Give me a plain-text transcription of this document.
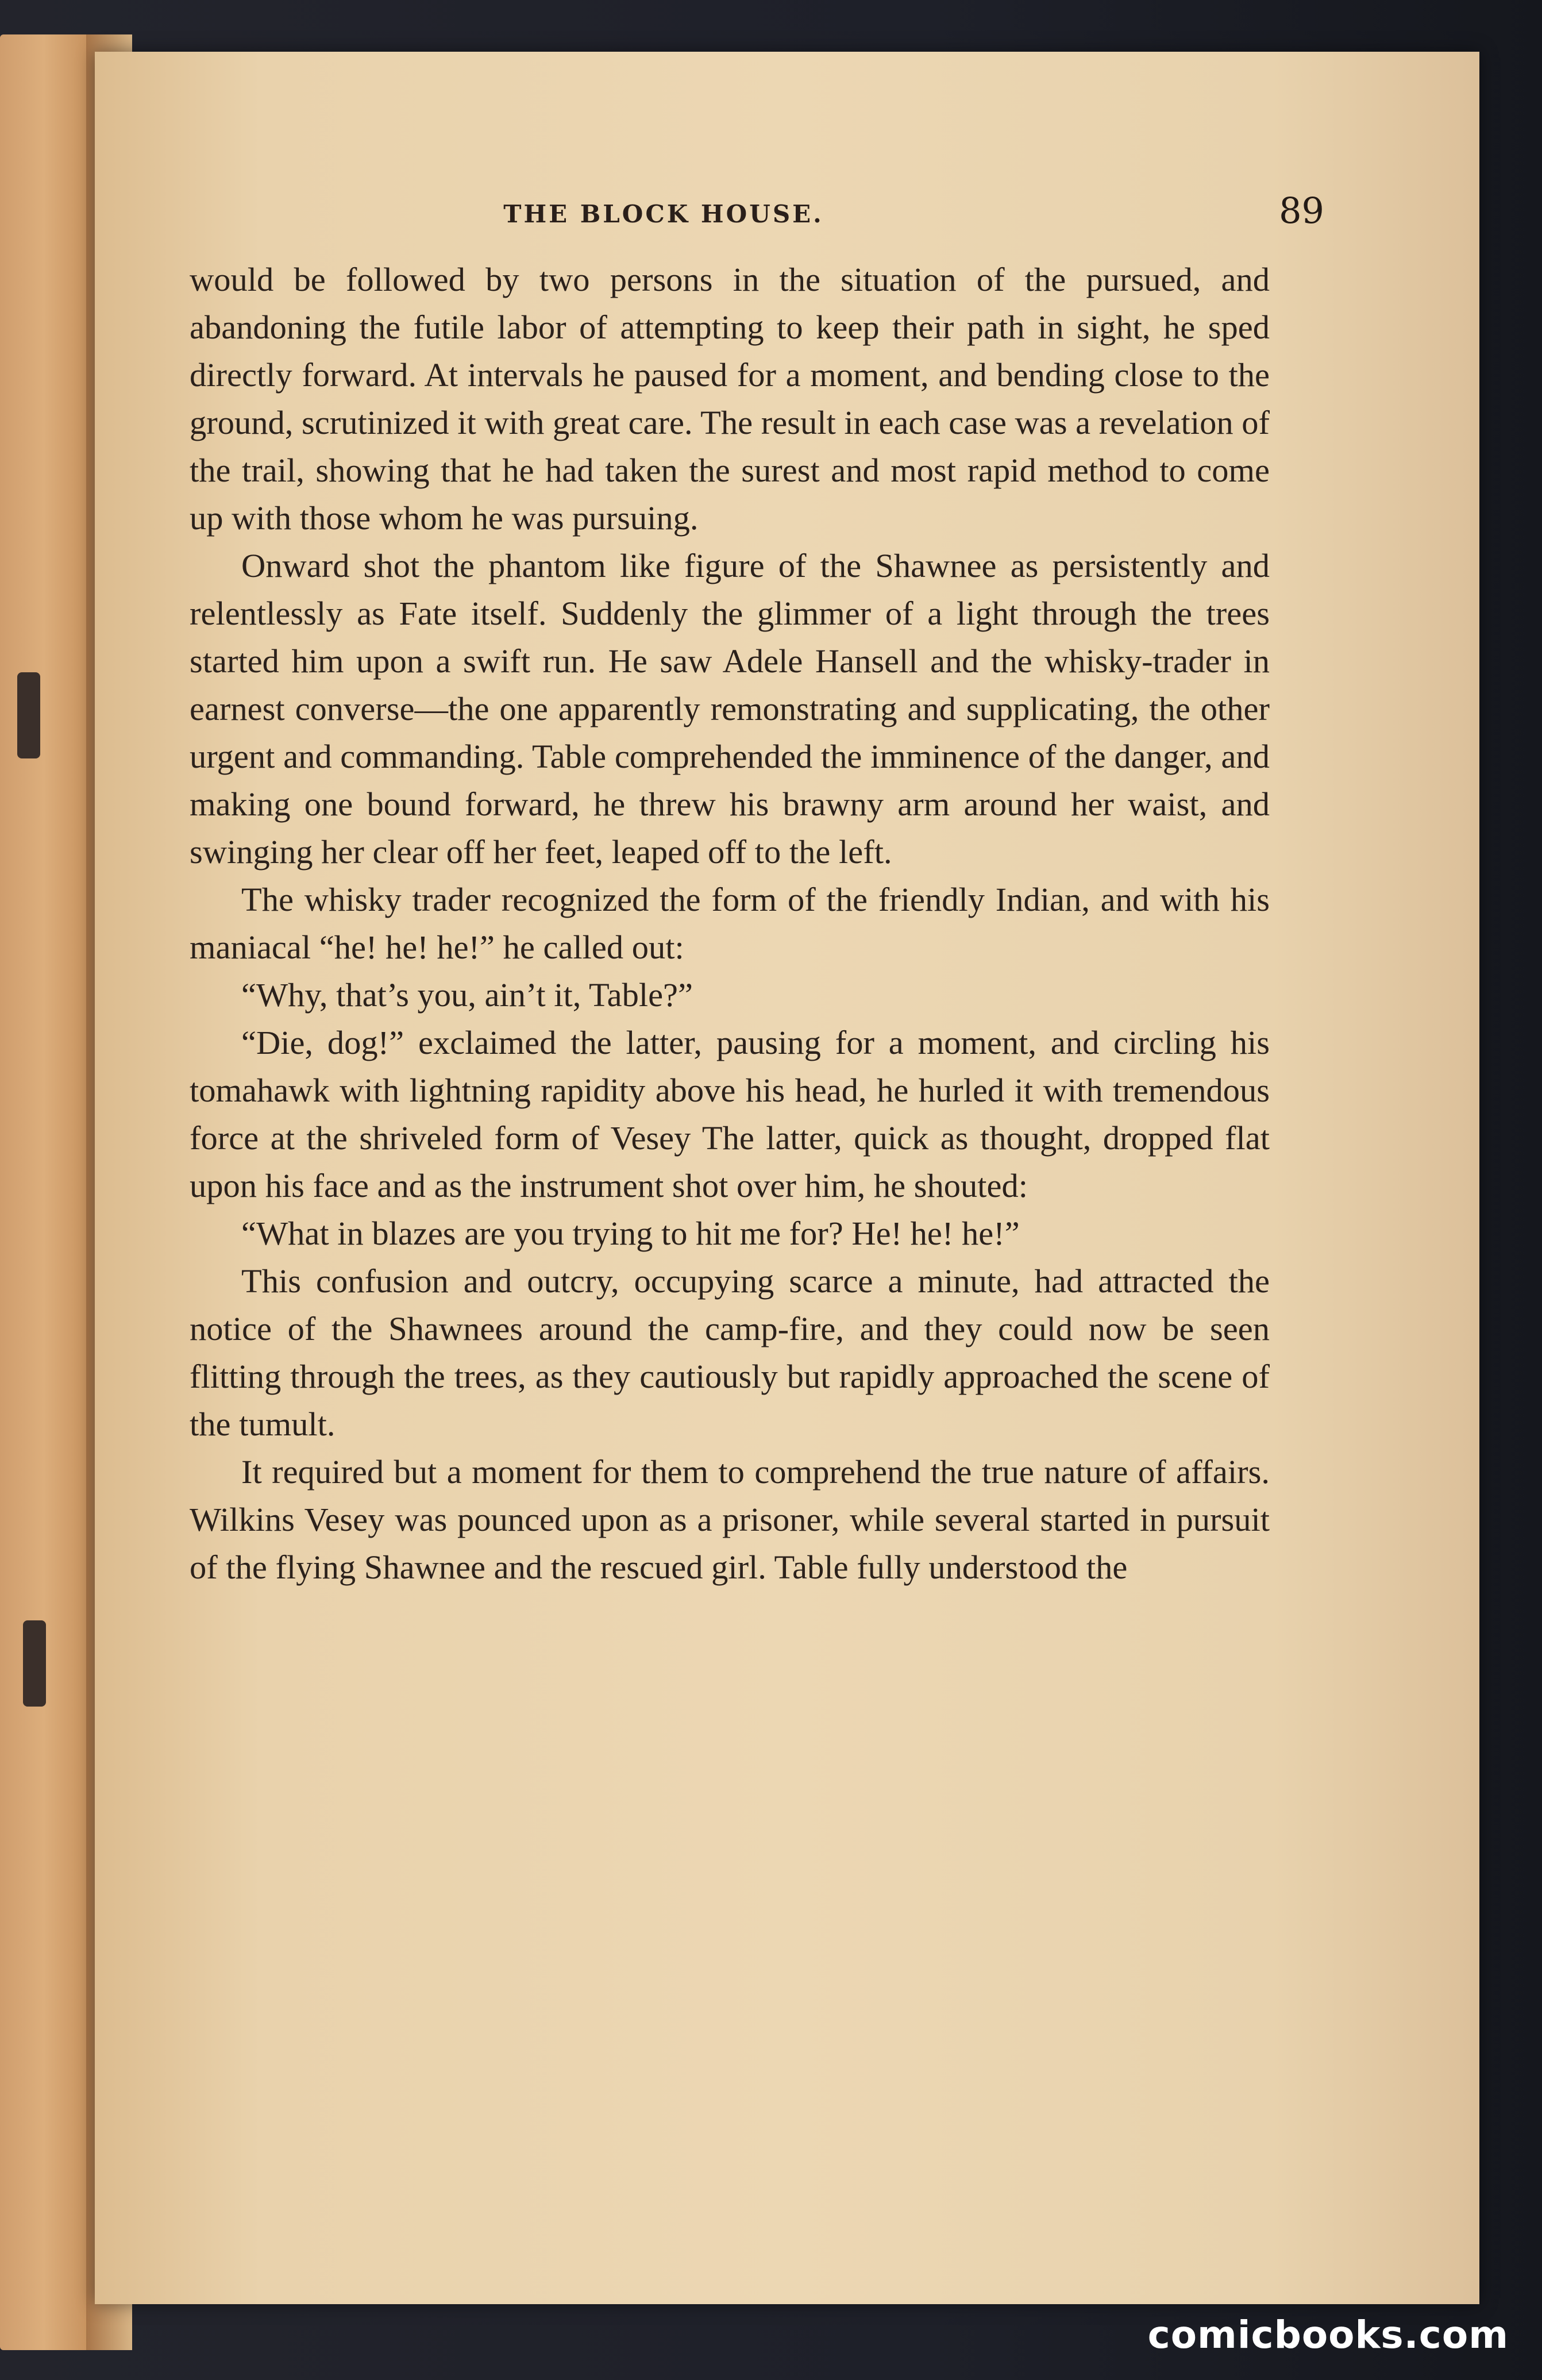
THE BLOCK HOUSE.	89

would be followed by two persons in the situation of the pursued, and abandoning the futile labor of attempting to keep their path in sight, he sped directly forward. At intervals he paused for a moment, and bending close to the ground, scrutinized it with great care. The result in each case was a revelation of the trail, showing that he had taken the surest and most rapid method to come up with those whom he was pursuing.

Onward shot the phantom like figure of the Shawnee as persistently and relentlessly as Fate itself. Suddenly the glimmer of a light through the trees started him upon a swift run. He saw Adele Hansell and the whisky-trader in earnest converse—the one apparently remonstrating and supplicating, the other urgent and commanding. Table comprehended the imminence of the danger, and making one bound forward, he threw his brawny arm around her waist, and swinging her clear off her feet, leaped off to the left.

The whisky trader recognized the form of the friendly Indian, and with his maniacal “he! he! he!” he called out:

“Why, that’s you, ain’t it, Table?”

“Die, dog!” exclaimed the latter, pausing for a moment, and circling his tomahawk with lightning rapidity above his head, he hurled it with tremendous force at the shriveled form of Vesey The latter, quick as thought, dropped flat upon his face and as the instrument shot over him, he shouted:

“What in blazes are you trying to hit me for? He! he! he!”

This confusion and outcry, occupying scarce a minute, had attracted the notice of the Shawnees around the camp-fire, and they could now be seen flitting through the trees, as they cautiously but rapidly approached the scene of the tumult.

It required but a moment for them to comprehend the true nature of affairs. Wilkins Vesey was pounced upon as a prisoner, while several started in pursuit of the flying Shawnee and the rescued girl. Table fully understood the

comicbooks.com
